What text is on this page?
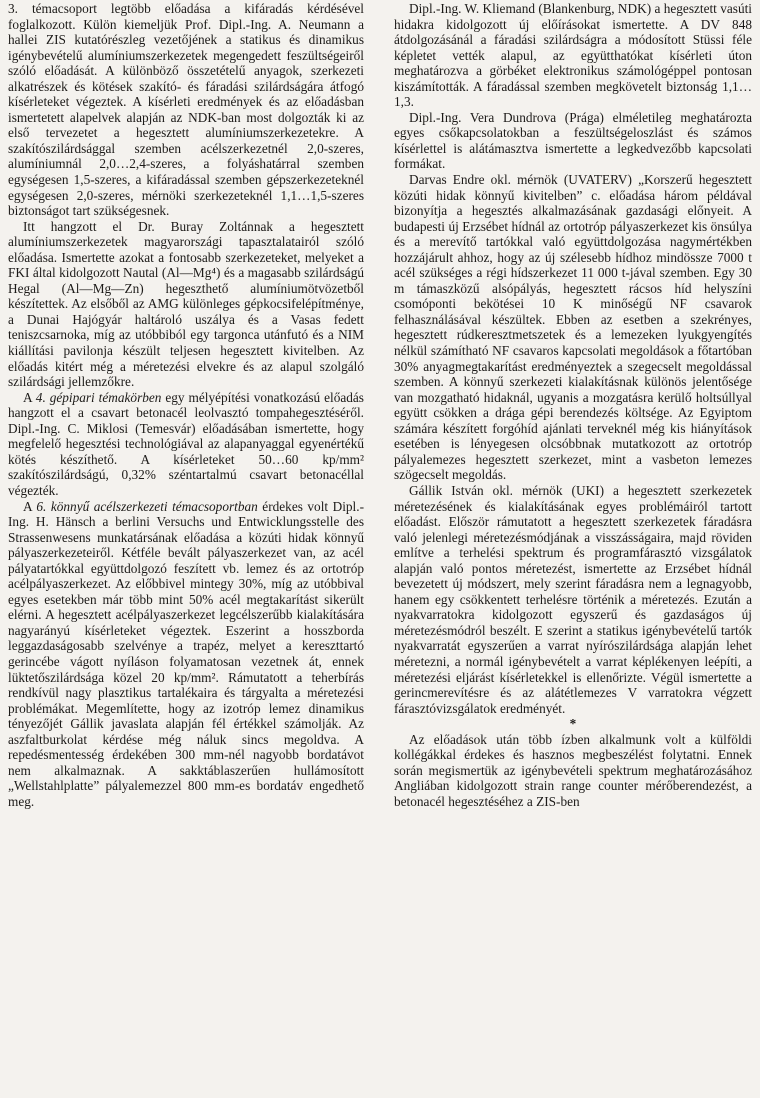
3. témacsoport legtöbb előadása a kifáradás kérdésével foglalkozott. Külön kiemeljük Prof. Dipl.-Ing. A. Neumann a hallei ZIS kutatórészleg vezetőjének a statikus és dinamikus igénybevételű alumíniumszerkezetek megengedett feszültségeiről szóló előadását. A különböző összetételű anyagok, szerkezeti alkatrészek és kötések szakító- és fáradási szilárdságára átfogó kísérleteket végeztek. A kísérleti eredmények és az előadásban ismertetett alapelvek alapján az NDK-ban most dolgozták ki az első tervezetet a hegesztett alumíniumszerkezetekre. A szakítószilárdsággal szemben acélszerkezetnél 2,0-szeres, alumíniumnál 2,0…2,4-szeres, a folyáshatárral szemben egységesen 1,5-szeres, a kifáradással szemben gépszerkezeteknél egységesen 2,0-szeres, mérnöki szerkezeteknél 1,1…1,5-szeres biztonságot tart szükségesnek.

Itt hangzott el Dr. Buray Zoltánnak a hegesztett alumíniumszerkezetek magyarországi tapasztalatairól szóló előadása. Ismertette azokat a fontosabb szerkezeteket, melyeket a FKI által kidolgozott Nautal (Al—Mg⁴) és a magasabb szilárdságú Hegal (Al—Mg—Zn) hegeszthető alumíniumötvözetből készítettek. Az elsőből az AMG különleges gépkocsifelépítménye, a Dunai Hajógyár haltároló uszálya és a Vasas fedett teniszcsarnoka, míg az utóbbiból egy targonca utánfutó és a NIM kiállítási pavilonja készült teljesen hegesztett kivitelben. Az előadás kitért még a méretezési elvekre és az alapul szolgáló szilárdsági jellemzőkre.

A 4. gépipari témakörben egy mélyépítési vonatkozású előadás hangzott el a csavart betonacél leolvasztó tompahegesztéséről. Dipl.-Ing. C. Miklosi (Temesvár) előadásában ismertette, hogy megfelelő hegesztési technológiával az alapanyaggal egyenértékű kötés készíthető. A kísérleteket 50…60 kp/mm² szakítószilárdságú, 0,32% széntartalmú csavart betonacéllal végezték.

A 6. könnyű acélszerkezeti témacsoportban érdekes volt Dipl.-Ing. H. Hänsch a berlini Versuchs und Entwicklungsstelle des Strassenwesens munkatársának előadása a közúti hidak könnyű pályaszerkezeteiről. Kétféle bevált pályaszerkezet van, az acél pályatartókkal együttdolgozó feszített vb. lemez és az ortotróp acélpályaszerkezet. Az előbbivel mintegy 30%, míg az utóbbival egyes esetekben már több mint 50% acél megtakarítást sikerült elérni. A hegesztett acélpályaszerkezet legcélszerűbb kialakítására nagyarányú kísérleteket végeztek. Eszerint a hosszborda leggazdaságosabb szelvénye a trapéz, melyet a kereszttartó gerincébe vágott nyíláson folyamatosan vezetnek át, ennek lüktetőszilárdsága közel 20 kp/mm². Rámutatott a teherbírás rendkívül nagy plasztikus tartalékaira és tárgyalta a méretezési problémákat. Megemlítette, hogy az izotróp lemez dinamikus tényezőjét Gállik javaslata alapján fél értékkel számolják. Az aszfaltburkolat kérdése még náluk sincs megoldva. A repedésmentesség érdekében 300 mm-nél nagyobb bordatávot nem alkalmaznak. A sakktáblaszerűen hullámosított „Wellstahlplatte” pályalemezzel 800 mm-es bordatáv engedhető meg.

Dipl.-Ing. W. Kliemand (Blankenburg, NDK) a hegesztett vasúti hidakra kidolgozott új előírásokat ismertette. A DV 848 átdolgozásánál a fáradási szilárdságra a módosított Stüssi féle képletet vették alapul, az együtthatókat kísérleti úton meghatározva a görbéket elektronikus számológéppel pontosan kiszámították. A fáradással szemben megkövetelt biztonság 1,1…1,3.

Dipl.-Ing. Vera Dundrova (Prága) elméletileg meghatározta egyes csőkapcsolatokban a feszültségeloszlást és számos kísérlettel is alátámasztva ismertette a legkedvezőbb kapcsolati formákat.

Darvas Endre okl. mérnök (UVATERV) „Korszerű hegesztett közúti hidak könnyű kivitelben” c. előadása három példával bizonyítja a hegesztés alkalmazásának gazdasági előnyeit. A budapesti új Erzsébet hídnál az ortotróp pályaszerkezet kis önsúlya és a merevítő tartókkal való együttdolgozása nagymértékben hozzájárult ahhoz, hogy az új szélesebb hídhoz mindössze 7000 t acél szükséges a régi hídszerkezet 11 000 t-jával szemben. Egy 30 m támaszközű alsópályás, hegesztett rácsos híd helyszíni csomóponti bekötései 10 K minőségű NF csavarok felhasználásával készültek. Ebben az esetben a szekrényes, hegesztett rúdkeresztmetszetek és a lemezeken lyukgyengítés nélkül számítható NF csavaros kapcsolati megoldások a főtartóban 30% anyagmegtakarítást eredményeztek a szegecselt megoldással szemben. A könnyű szerkezeti kialakításnak különös jelentősége van mozgatható hidaknál, ugyanis a mozgatásra kerülő holtsúllyal együtt csökken a drága gépi berendezés költsége. Az Egyiptom számára készített forgóhíd ajánlati terveknél még kis hiányítások esetében is lényegesen olcsóbbnak mutatkozott az ortotróp pályalemezes hegesztett szerkezet, mint a vasbeton lemezes szögecselt megoldás.

Gállik István okl. mérnök (UKI) a hegesztett szerkezetek méretezésének és kialakításának egyes problémáiról tartott előadást. Először rámutatott a hegesztett szerkezetek fáradásra való jelenlegi méretezésmódjának a visszásságaira, majd röviden említve a terhelési spektrum és programfárasztó vizsgálatok alapján való pontos méretezést, ismertette az Erzsébet hídnál bevezetett új módszert, mely szerint fáradásra nem a legnagyobb, hanem egy csökkentett terhelésre történik a méretezés. Ezután a nyakvarratokra kidolgozott egyszerű és gazdaságos új méretezésmódról beszélt. E szerint a statikus igénybevételű tartók nyakvarratát egyszerűen a varrat nyírószilárdsága alapján lehet méretezni, a normál igénybevételt a varrat képlékenyen leépíti, a méretezési eljárást kísérletekkel is ellenőrizte. Végül ismertette a gerincmerevítésre és az alátétlemezes V varratokra végzett fárasztóvizsgálatok eredményét.

*

Az előadások után több ízben alkalmunk volt a külföldi kollégákkal érdekes és hasznos megbeszélést folytatni. Ennek során megismertük az igénybevételi spektrum meghatározásához Angliában kidolgozott strain range counter mérőberendezést, a betonacél hegesztéséhez a ZIS-ben
